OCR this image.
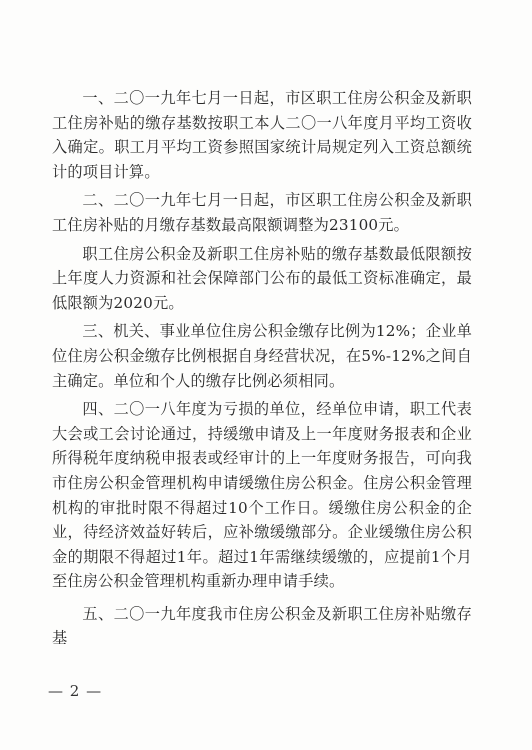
一、二〇一九年七月一日起，市区职工住房公积金及新职工住房补贴的缴存基数按职工本人二〇一八年度月平均工资收入确定。职工月平均工资参照国家统计局规定列入工资总额统计的项目计算。

二、二〇一九年七月一日起，市区职工住房公积金及新职工住房补贴的月缴存基数最高限额调整为23100元。

职工住房公积金及新职工住房补贴的缴存基数最低限额按上年度人力资源和社会保障部门公布的最低工资标准确定，最低限额为2020元。

三、机关、事业单位住房公积金缴存比例为12%；企业单位住房公积金缴存比例根据自身经营状况，在5%-12%之间自主确定。单位和个人的缴存比例必须相同。

四、二〇一八年度为亏损的单位，经单位申请，职工代表大会或工会讨论通过，持缓缴申请及上一年度财务报表和企业所得税年度纳税申报表或经审计的上一年度财务报告，可向我市住房公积金管理机构申请缓缴住房公积金。住房公积金管理机构的审批时限不得超过10个工作日。缓缴住房公积金的企业，待经济效益好转后，应补缴缓缴部分。企业缓缴住房公积金的期限不得超过1年。超过1年需继续缓缴的，应提前1个月至住房公积金管理机构重新办理申请手续。

五、二〇一九年度我市住房公积金及新职工住房补贴缴存基

— 2 —
